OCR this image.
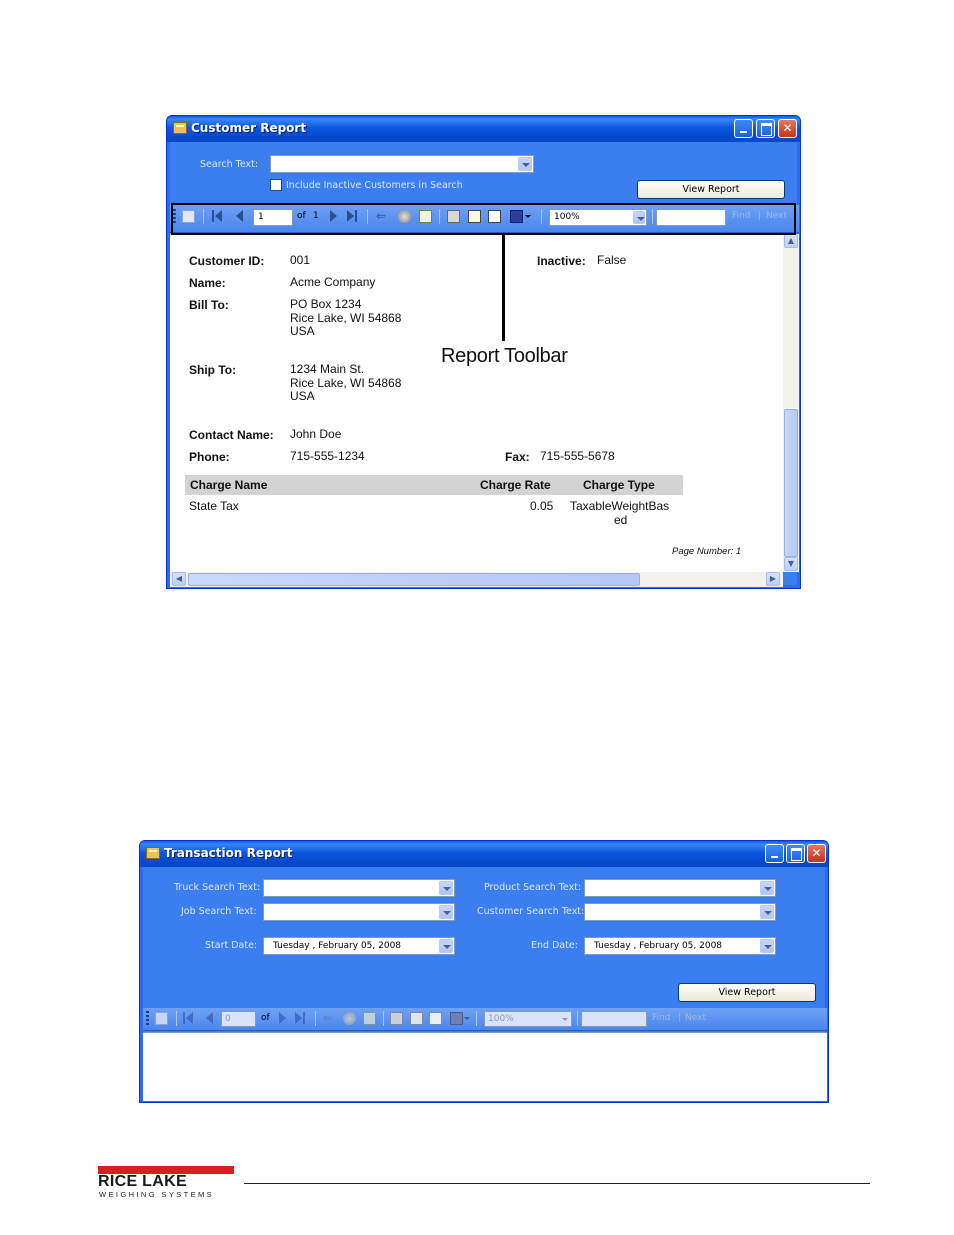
Customer Report	✕
Search Text:
Include Inactive Customers in Search	View Report
1	of 1	⇐	100%	Find | Next
Customer ID: 001	Inactive: False
Name:	Acme Company
Bill To:	PO Box 1234
Rice Lake, WI 54868
USA
Ship To:	1234 Main St.
Rice Lake, WI 54868
USA
Contact Name: John Doe
Phone:	715-555-1234	Fax: 715-555-5678
Charge Name	Charge Rate	Charge Type
State Tax	0.05 TaxableWeightBas
ed
Page Number: 1
▲
▼
◀	▶
Report Toolbar
Transaction Report	✕
Truck Search Text:	Product Search Text:
Job Search Text:	Customer Search Text:
Start Date: Tuesday , February 05, 2008	End Date: Tuesday , February 05, 2008
View Report
0	of	⇐	100%	Find | Next
RICE LAKE
WEIGHING SYSTEMS
